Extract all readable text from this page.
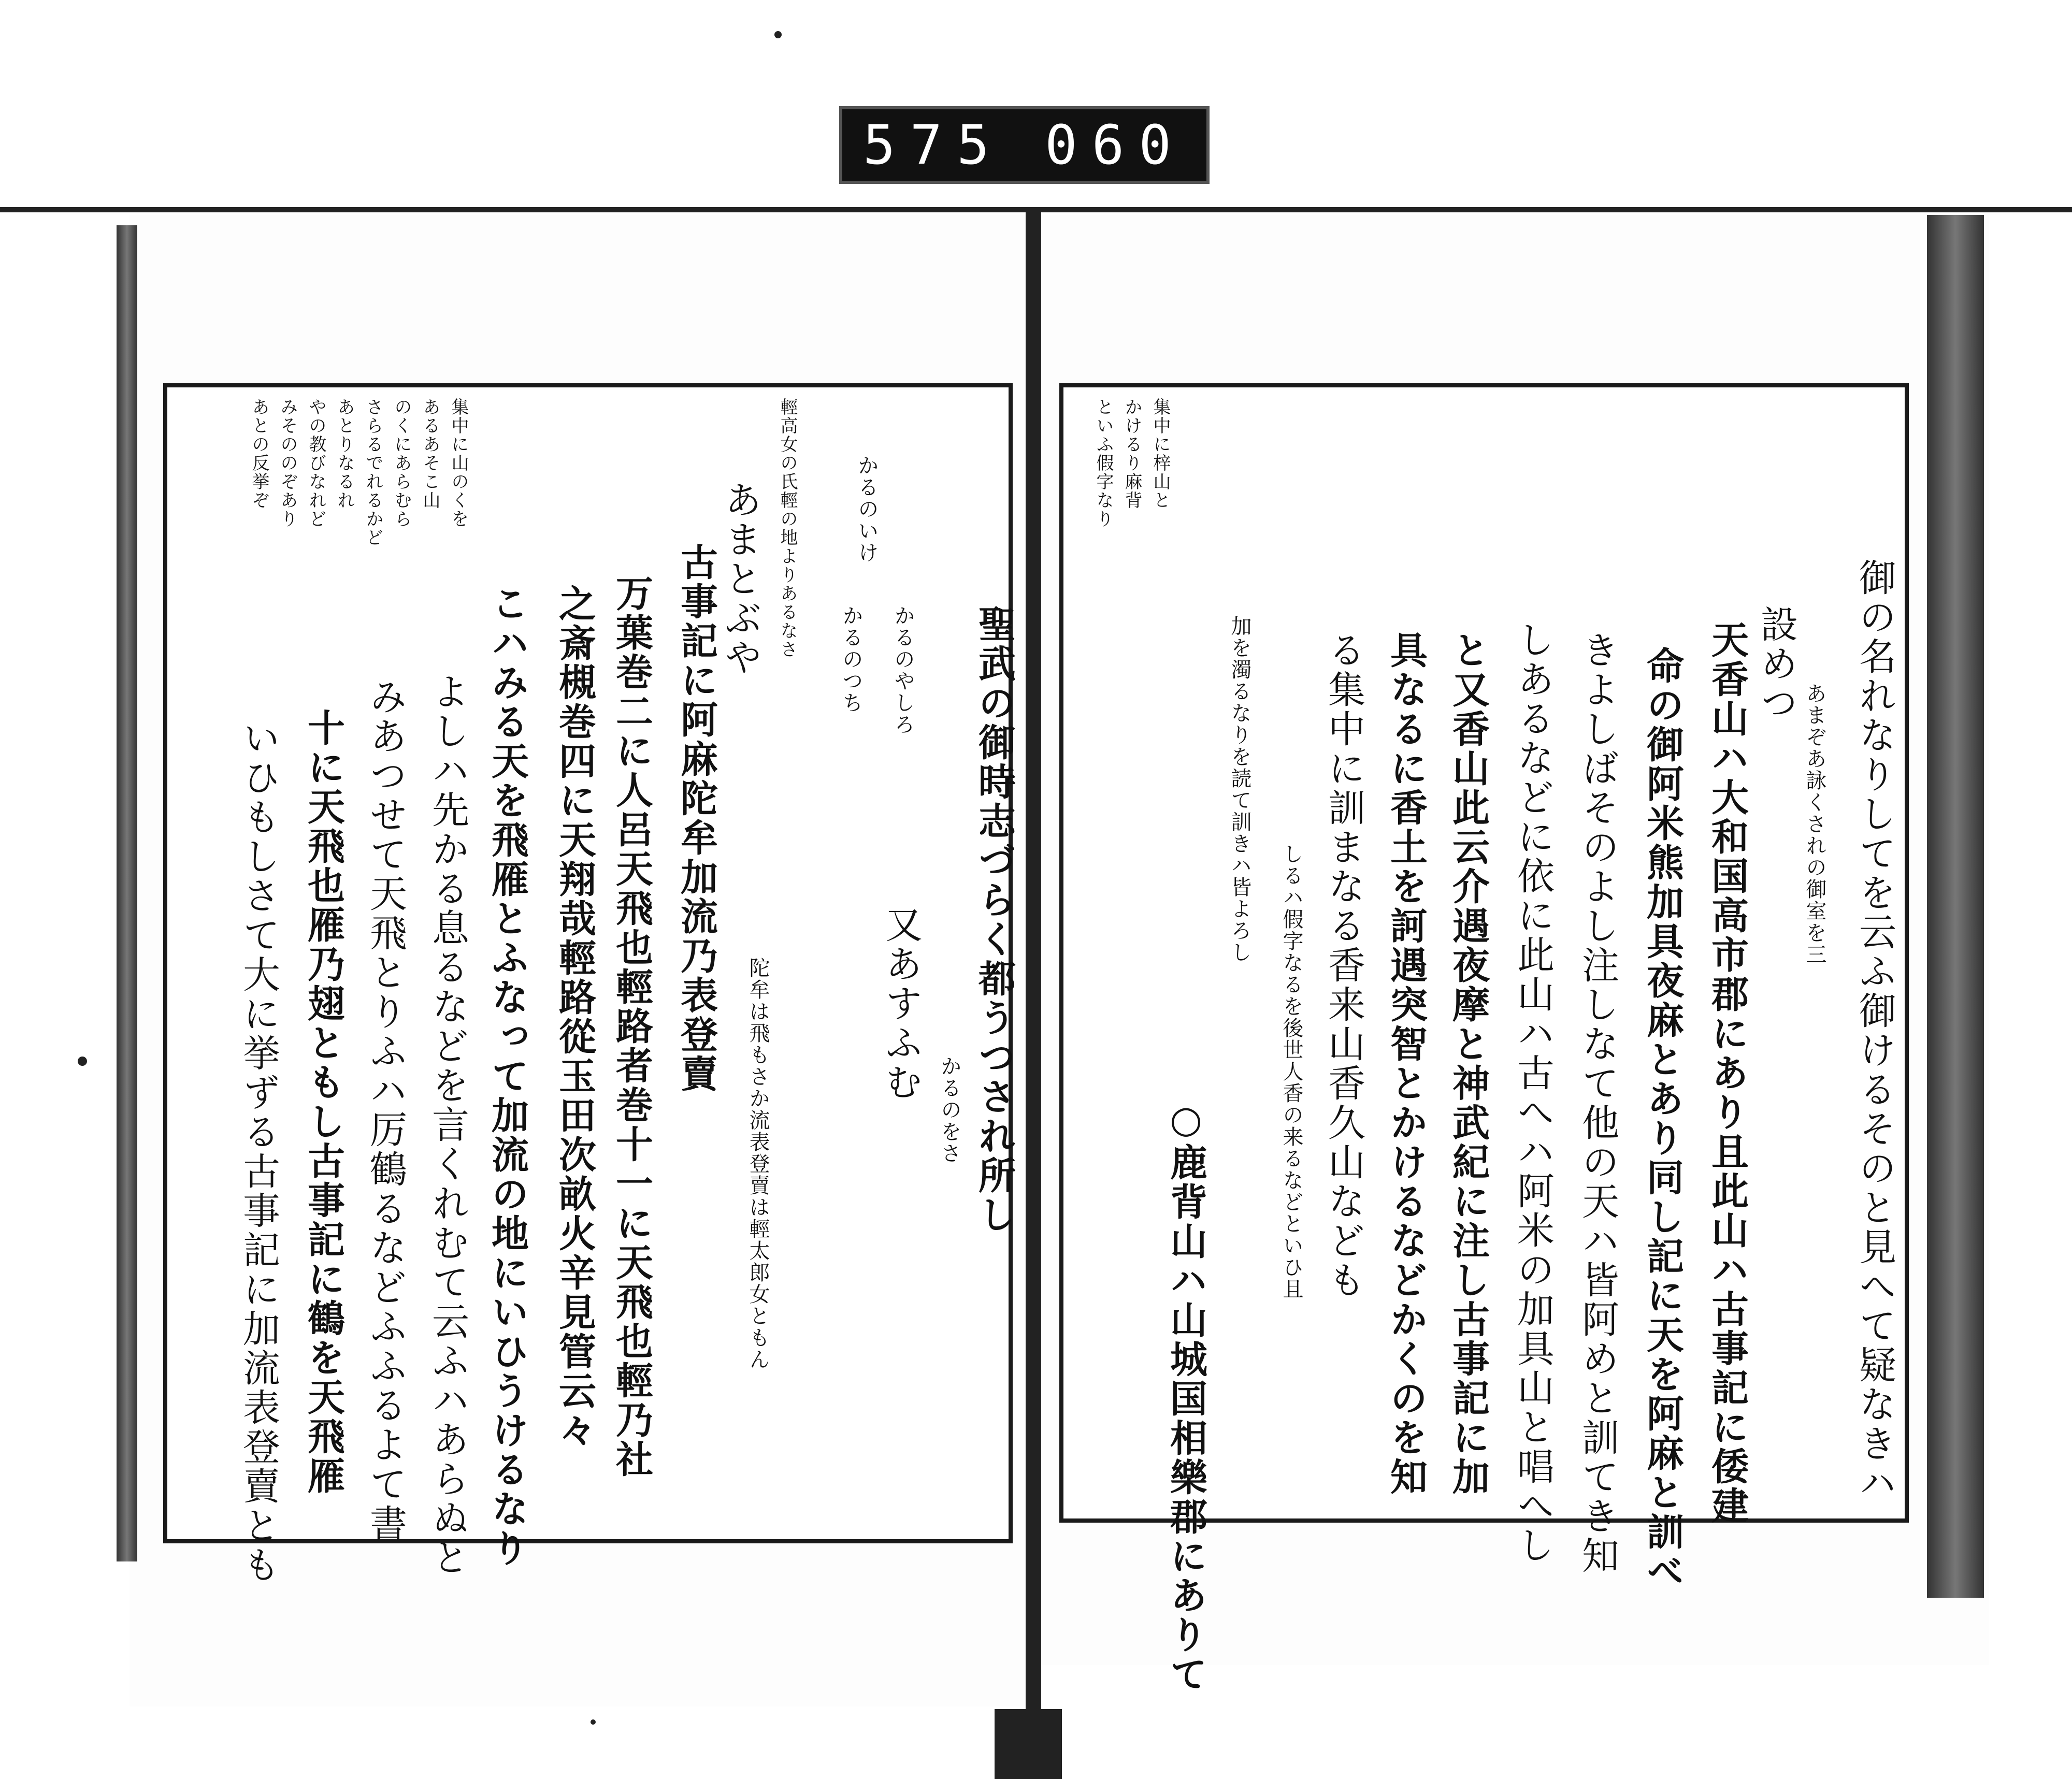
575 060
聖武の御時志づらく都うつされ所し
又あすふむ
かるのをさ
かるのやしろ
かるのいけ
かるのつち
あまとぶや
古事記に阿麻陀牟加流乃表登賣
陀牟は飛もさか流表登賣は輕太郎女ともん
万葉巻二に人呂天飛也輕路者巻十一に天飛也輕乃社
之斎槻巻四に天翔哉輕路從玉田次畝火辛見管云々
こハみる天を飛雁とふなって加流の地にいひうけるなり
よしハ先かる息るなどを言くれむて云ふハあらぬと
みあつせて天飛とりふハ厉鶴るなどふふるよて書
十に天飛也雁乃翅ともし古事記に鶴を天飛雁
いひもしさて大に挙ずる古事記に加流表登賣とも
輕高女の氏輕の地よりあるなさ
集中に山のくを
あるあそこ山
のくにあらむら
さらるでれるかど
あとりなるれ
やの教びなれど
みそののぞあり
あとの反挙ぞ
御の名れなりしてを云ふ御けるそのと見へて疑なきハ
あまぞあ詠くされの御室を三
設めつ
天香山ハ大和国高市郡にあり且此山ハ古事記に倭建
命の御阿米熊加具夜麻とあり同し記に天を阿麻と訓べ
きよしばそのよし注しなて他の天ハ皆阿めと訓てき知
しあるなどに依に此山ハ古へハ阿米の加具山と唱へし
と又香山此云介遇夜摩と神武紀に注し古事記に加
具なるに香土を訶遇突智とかけるなどかくのを知
る集中に訓まなる香来山香久山なども
しるハ假字なるを後世人香の来るなどといひ且
加を濁るなりを読て訓きハ皆よろし
○鹿背山ハ山城国相樂郡にありて
集中に梓山と
かけるり麻背
といふ假字なり
